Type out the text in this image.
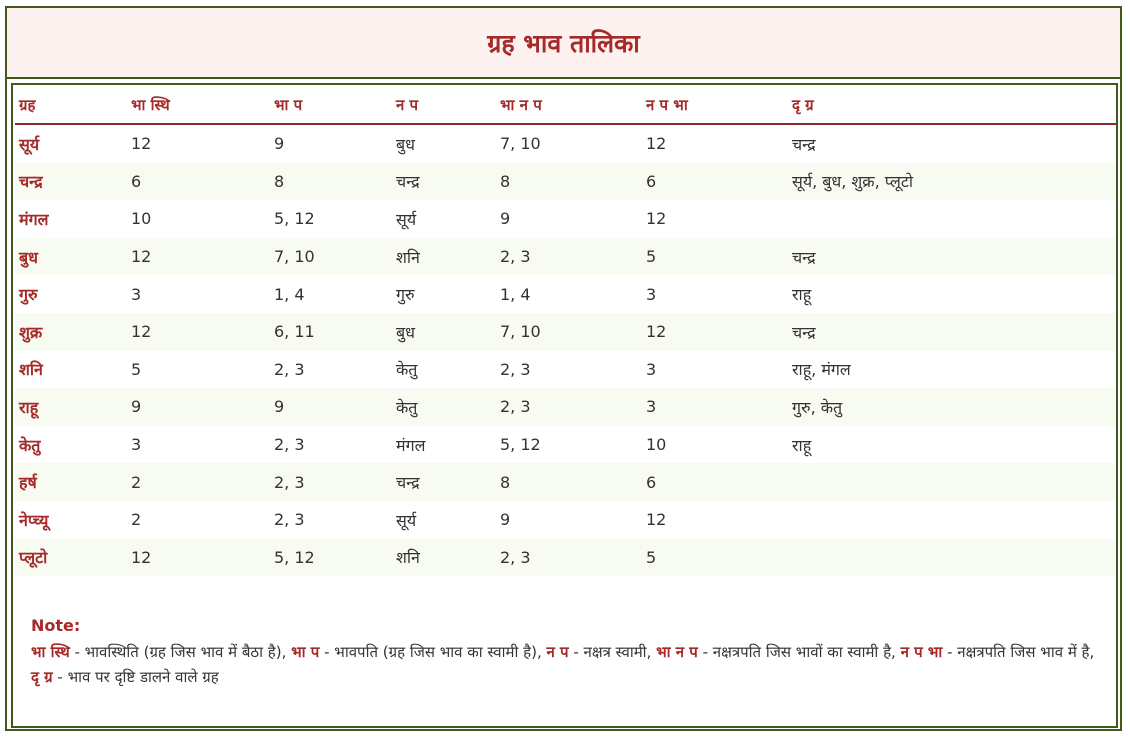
ग्रह भाव तालिका
ग्रह	भा स्थि	भा प	न प	भा न प	न प भा	दृ ग्र
सूर्य	12	9	बुध	7, 10	12	चन्द्र
चन्द्र	6	8	चन्द्र	8	6	सूर्य, बुध, शुक्र, प्लूटो
मंगल	10	5, 12	सूर्य	9	12	
बुध	12	7, 10	शनि	2, 3	5	चन्द्र
गुरु	3	1, 4	गुरु	1, 4	3	राहू
शुक्र	12	6, 11	बुध	7, 10	12	चन्द्र
शनि	5	2, 3	केतु	2, 3	3	राहू, मंगल
राहू	9	9	केतु	2, 3	3	गुरु, केतु
केतु	3	2, 3	मंगल	5, 12	10	राहू
हर्ष	2	2, 3	चन्द्र	8	6	
नेप्च्यू	2	2, 3	सूर्य	9	12	
प्लूटो	12	5, 12	शनि	2, 3	5	
Note:
भा स्थि - भावस्थिति (ग्रह जिस भाव में बैठा है), भा प - भावपति (ग्रह जिस भाव का स्वामी है), न प - नक्षत्र स्वामी, भा न प - नक्षत्रपति जिस भावों का स्वामी है, न प भा - नक्षत्रपति जिस भाव में है, दृ ग्र - भाव पर दृष्टि डालने वाले ग्रह
